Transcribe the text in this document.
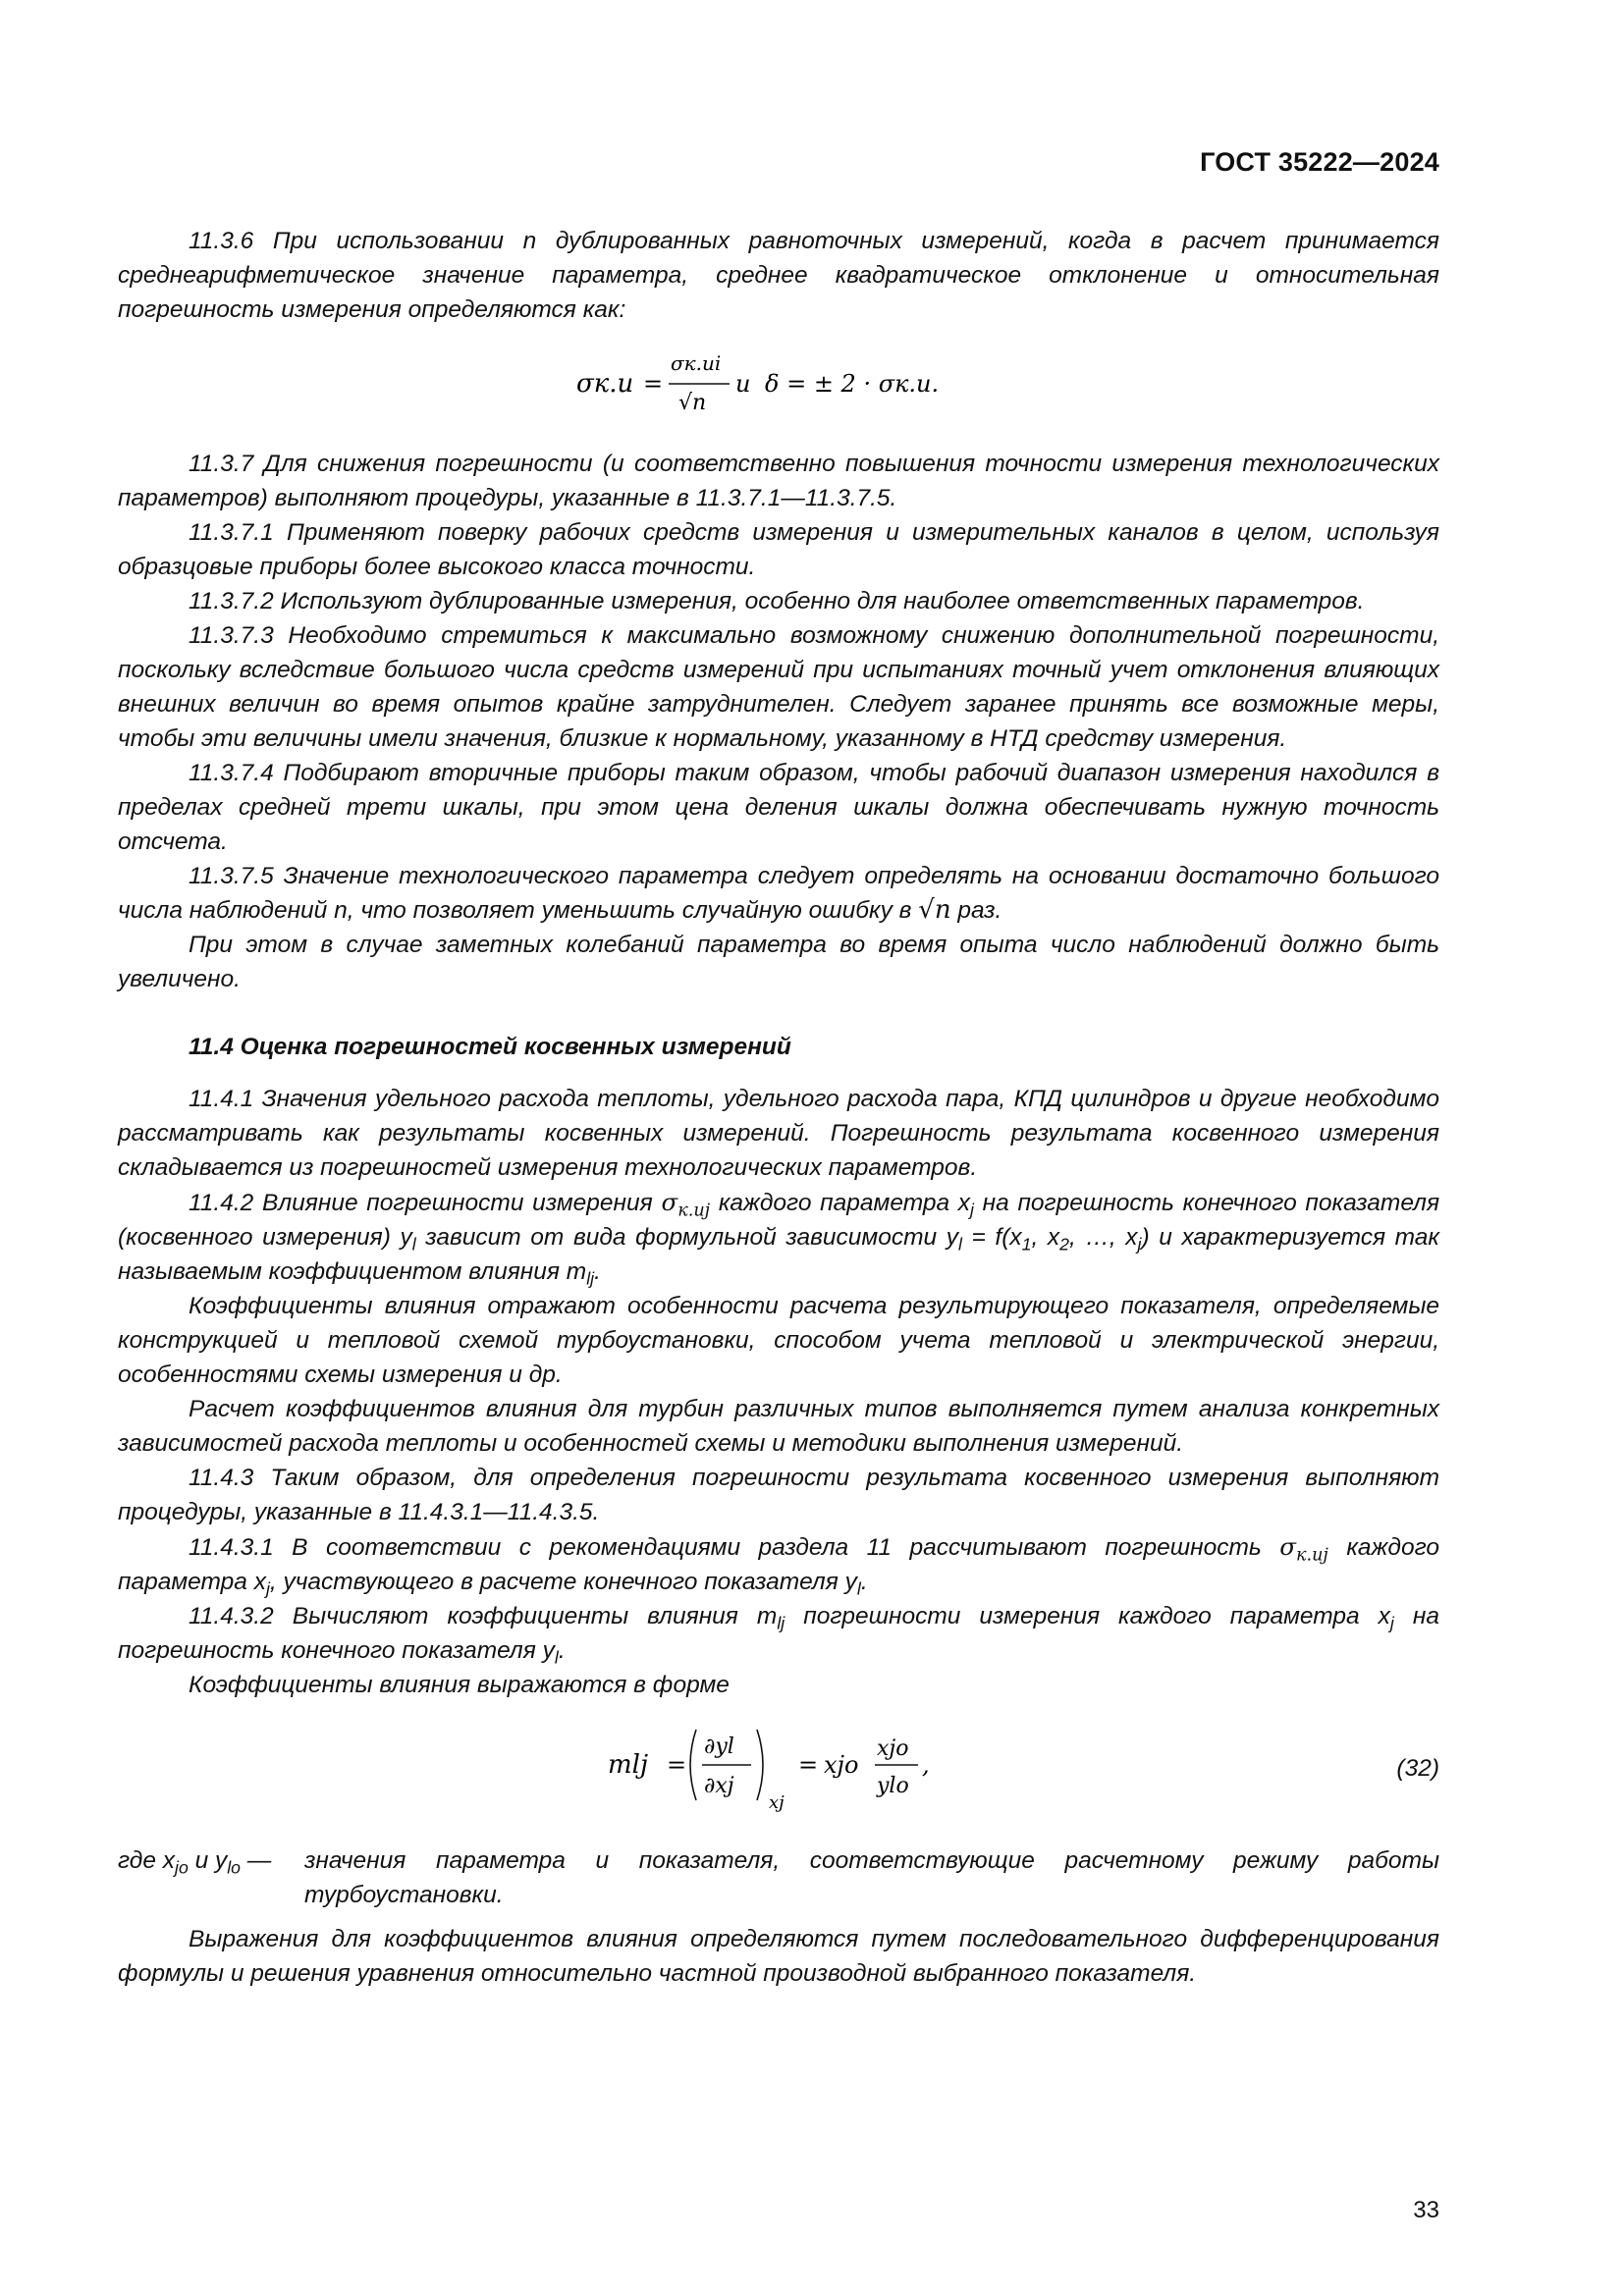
ГОСТ 35222—2024

11.3.6 При использовании n дублированных равноточных измерений, когда в расчет принимается среднеарифметическое значение параметра, среднее квадратическое отклонение и относительная погрешность измерения определяются как:

σк.и =
σк.иi
√n
и δ = ± 2 · σк.и.

11.3.7 Для снижения погрешности (и соответственно повышения точности измерения технологических параметров) выполняют процедуры, указанные в 11.3.7.1—11.3.7.5.

11.3.7.1 Применяют поверку рабочих средств измерения и измерительных каналов в целом, используя образцовые приборы более высокого класса точности.

11.3.7.2 Используют дублированные измерения, особенно для наиболее ответственных параметров.

11.3.7.3 Необходимо стремиться к максимально возможному снижению дополнительной погрешности, поскольку вследствие большого числа средств измерений при испытаниях точный учет отклонения влияющих внешних величин во время опытов крайне затруднителен. Следует заранее принять все возможные меры, чтобы эти величины имели значения, близкие к нормальному, указанному в НТД средству измерения.

11.3.7.4 Подбирают вторичные приборы таким образом, чтобы рабочий диапазон измерения находился в пределах средней трети шкалы, при этом цена деления шкалы должна обеспечивать нужную точность отсчета.

11.3.7.5 Значение технологического параметра следует определять на основании достаточно большого числа наблюдений n, что позволяет уменьшить случайную ошибку в √n раз.

При этом в случае заметных колебаний параметра во время опыта число наблюдений должно быть увеличено.

11.4 Оценка погрешностей косвенных измерений

11.4.1 Значения удельного расхода теплоты, удельного расхода пара, КПД цилиндров и другие необходимо рассматривать как результаты косвенных измерений. Погрешность результата косвенного измерения складывается из погрешностей измерения технологических параметров.

11.4.2 Влияние погрешности измерения $\sigma_{к.uj}$ каждого параметра $x_j$ на погрешность конечного показателя (косвенного измерения) $y_l$ зависит от вида формульной зависимости $y_l = f(x_1$, $x_2$, …, $x_j$) и характеризуется так называемым коэффициентом влияния $m_{lj}$.

Коэффициенты влияния отражают особенности расчета результирующего показателя, определяемые конструкцией и тепловой схемой турбоустановки, способом учета тепловой и электрической энергии, особенностями схемы измерения и др.

Расчет коэффициентов влияния для турбин различных типов выполняется путем анализа конкретных зависимостей расхода теплоты и особенностей схемы и методики выполнения измерений.

11.4.3 Таким образом, для определения погрешности результата косвенного измерения выполняют процедуры, указанные в 11.4.3.1—11.4.3.5.

11.4.3.1 В соответствии с рекомендациями раздела 11 рассчитывают погрешность $\sigma_{к.uj}$ каждого параметра $x_j$, участвующего в расчете конечного показателя $y_l$.

11.4.3.2 Вычисляют коэффициенты влияния $m_{lj}$ погрешности измерения каждого параметра $x_j$ на погрешность конечного показателя $y_l$.

Коэффициенты влияния выражаются в форме

mlj =
∂yl
∂xj
xj
= xjo
xjo
ylo
,	(32)
где $x_{jo}$ и $y_{lo}$ —	значения параметра и показателя, соответствующие расчетному режиму работы турбоустановки.

Выражения для коэффициентов влияния определяются путем последовательного дифференцирования формулы и решения уравнения относительно частной производной выбранного показателя.

33
